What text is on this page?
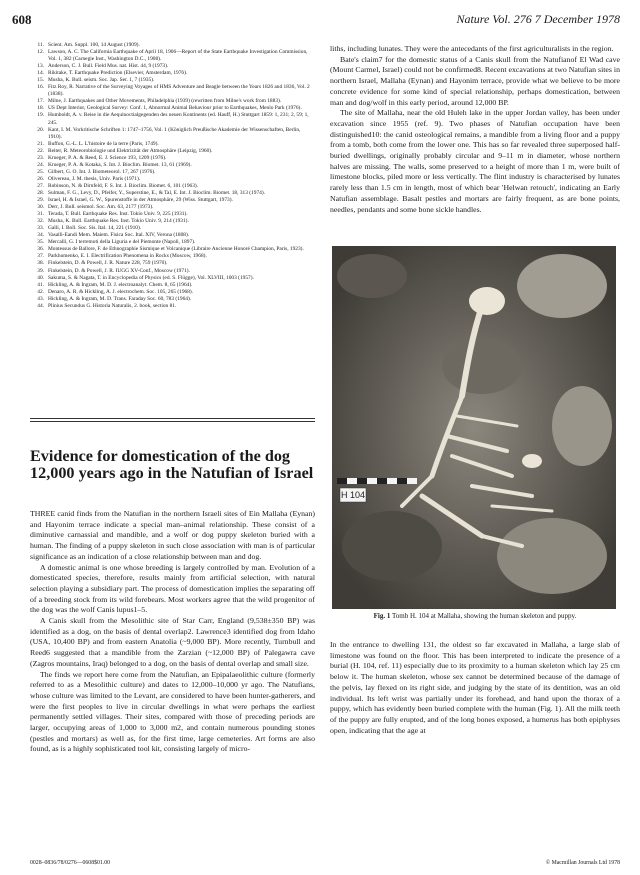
608	Nature Vol. 276 7 December 1978
11. Scient. Am. Suppl. 100, 14 August (1909).
12. Lawson, A. C. The California Earthquake of April 18, 1906—Report of the State Earthquake Investigation Commission, Vol. 1, 382 (Carnegie Inst., Washington D.C., 1908).
13. Anderson, C. J. Bull. Field Mus. nat. Hist. 44, 9 (1973).
14. Rikitake, T. Earthquake Prediction (Elsevier, Amsterdam, 1976).
15. Musha, K. Bull. seism. Soc. Jap. Ser. 1, 7 (1935).
16. Fitz Roy, R. Narrative of the Surveying Voyages of HMS Adventure and Beagle between the Years 1826 and 1836, Vol. 2 (1838).
17. Milne, J. Earthquakes and Other Movements, Philadelphia (1939) (rewritten from Milne's work from 1883).
18. US Dept Interior, Geological Survey: Conf. 1, Abnormal Animal Behaviour prior to Earthquakes, Menlo Park (1976).
19. Humboldt, A. v. Reise in die Aequinoctialgegenden des neuen Kontinents (ed. Hauff, H.) Stuttgart 1859: 1, 231; 2, 59; 1, 245.
20. Kant, I. M. Vorkritische Schriften 1: 1747–1756, Vol. 1 (Königlich Preußische Akademie der Wissenschaften, Berlin, 1910).
21. Buffon, G.-L. L. L'histoire de la terre (Paris, 1749).
22. Reiter, R. Meteorobiologie und Elektrizität der Atmosphäre (Leipzig, 1960).
23. Krueger, P. A. & Reed, E. J. Science 193, 1209 (1976).
24. Krueger, P. A. & Kotaka, S. Int. J. Bioclim. Biomet. 13, 61 (1969).
25. Gilbert, G. O. Int. J. Biometeorol. 17, 267 (1976).
26. Olivereau, J. M. thesis, Univ. Paris (1971).
27. Robinson, N. & Dirnfeld, F. S. Int. J. Bioclim. Biomet. 6, 101 (1963).
28. Sulman, F. G., Levy, D., Pfeifer, Y., Superstine, E., & Tal, E. Int. J. Bioclim. Biomet. 18, 313 (1974).
29. Israel, H. & Israel, G. W., Spurenstoffe in der Atmosphäre, 29 (Wiss. Stuttgart, 1973).
30. Derr, J. Bull. seismol. Soc. Am. 63, 2177 (1973).
31. Terada, T. Bull. Earthquake Res. Inst. Tokio Univ. 9, 225 (1931).
32. Musha, K. Bull. Earthquake Res. Inst. Tokio Univ. 9, 214 (1931).
33. Galli, I. Boll. Soc. Sis. Ital. 14, 221 (1910).
34. Vasalli-Eandi Mem. Maiem. Fisica Soc. Ital. XIV, Verona (1808).
35. Mercalli, G. I terremoti della Liguria e del Piemonte (Napoli, 1897).
36. Montessus de Ballore, F. de Ethnographie Sismique et Volcanique (Libraire Ancienne Honoré Champion, Paris, 1923).
37. Parkhomenko, E. I. Electrification Phenomena in Rocks (Moscow, 1968).
38. Finkelstein, D. & Powell, J. R. Nature 228, 759 (1970).
39. Finkelstein, D. & Powell, J. R. IUGG XV-Conf., Moscow (1971).
40. Sakuma, S. & Nagata, T. in Encyclopedia of Physics (ed. S. Flügge), Vol. XLVIII, 1003 (1957).
41. Hickling, A. & Ingram, M. D. J. electroanalyt. Chem. 8, 65 (1964).
42. Denaro, A. R. & Hickling, A. J. electrochem. Soc. 105, 265 (1968).
43. Hickling, A. & Ingram, M. D. Trans. Faraday Soc. 60, 783 (1964).
44. Plinius Secundus G. Historia Naturalis, 2. book, section 81.
Evidence for domestication of the dog 12,000 years ago in the Natufian of Israel

THREE canid finds from the Natufian in the northern Israeli sites of Ein Mallaha (Eynan) and Hayonim terrace indicate a special man–animal relationship. These consist of a diminutive carnassial and mandible, and a wolf or dog puppy skeleton buried with a human. The finding of a puppy skeleton in such close association with man is of particular significance as an indication of a close relationship between man and dog.

A domestic animal is one whose breeding is largely controlled by man. Evolution of a domesticated species, therefore, results mainly from artificial selection, with natural selection playing a subsidiary part. The process of domestication implies the separating off of a breeding stock from its wild forebears. Most workers agree that the wild progenitor of the dog was the wolf Canis lupus1–5.

A Canis skull from the Mesolithic site of Star Carr, England (9,538±350 BP) was identified as a dog, on the basis of dental overlap2. Lawrence3 identified dog from Idaho (USA, 10,400 BP) and from eastern Anatolia (~9,000 BP). More recently, Turnbull and Reed6 suggested that a mandible from the Zarzian (~12,000 BP) of Palegawra cave (Zagros mountains, Iraq) belonged to a dog, on the basis of dental overlap and small size.

The finds we report here come from the Natufian, an Epipalaeolithic culture (formerly referred to as a Mesolithic culture) and dates to 12,000–10,000 yr ago. The Natufians, whose culture was limited to the Levant, are considered to have been hunter-gatherers, and were the first peoples to live in circular dwellings in what were perhaps the earliest permanently settled villages. Their sites, compared with those of preceding periods are larger, occupying areas of 1,000 to 3,000 m2, and contain numerous pounding stones (pestles and mortars) as well as, for the first time, large cemeteries. Art forms are also found, as is a highly sophisticated tool kit, consisting largely of micro-

liths, including lunates. They were the antecedants of the first agriculturalists in the region.

Bate's claim7 for the domestic status of a Canis skull from the Natufianof El Wad cave (Mount Carmel, Israel) could not be confirmed8. Recent excavations at two Natufian sites in northern Israel, Mallaha (Eynan) and Hayonim terrace, provide what we believe to be more concrete evidence for some kind of special relationship, perhaps domestication, between man and dog/wolf in this early period, around 12,000 BP.

The site of Mallaha, near the old Huleh lake in the upper Jordan valley, has been under excavation since 1955 (ref. 9). Two phases of Natufian occupation have been distinguished10: the canid osteological remains, a mandible from a living floor and a puppy from a tomb, both come from the lower one. This has so far revealed three superposed half-buried dwellings, originally probably circular and 9–11 m in diameter, whose northern halves are missing. The walls, some preserved to a height of more than 1 m, were built of limestone blocks, piled more or less vertically. The flint industry is characterised by lunates rarely less than 1.5 cm in length, most of which bear 'Helwan retouch', indicating an Early Natufian assemblage. Basalt pestles and mortars are fairly frequent, as are bone points, needles, pendants and some bone sickle handles.

H 104
Fig. 1 Tomb H. 104 at Mallaha, showing the human skeleton and puppy.

In the entrance to dwelling 131, the oldest so far excavated in Mallaha, a large slab of limestone was found on the floor. This has been interpreted to indicate the presence of a burial (H. 104, ref. 11) especially due to its proximity to a human skeleton which lay 25 cm below it. The human skeleton, whose sex cannot be determined because of the damage of the pelvis, lay flexed on its right side, and judging by the state of its dentition, was an old individual. Its left wrist was partially under its forehead, and hand upon the thorax of a puppy, which has evidently been buried complete with the human (Fig. 1). All the milk teeth of the puppy are fully erupted, and of the long bones exposed, a humerus has both epiphyses open, indicating that the age at

0028–0836/78/0276—0608$01.00	© Macmillan Journals Ltd 1978
